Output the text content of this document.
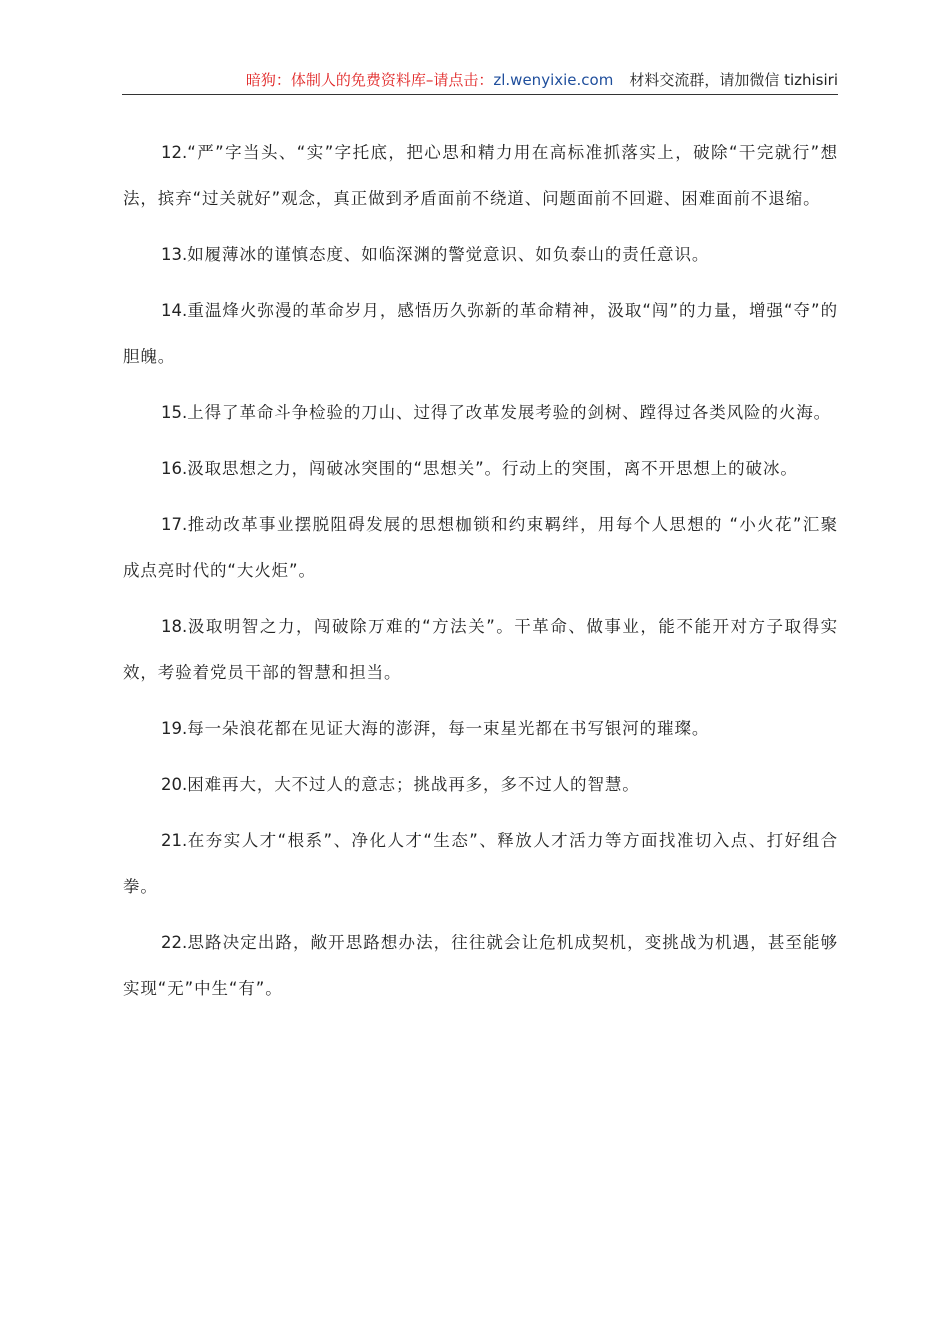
暗狗：体制人的免费资料库–请点击：zl.wenyixie.com 材料交流群，请加微信 tizhisiri

12.“严”字当头、“实”字托底，把心思和精力用在高标准抓落实上，破除“干完就行”想法，摈弃“过关就好”观念，真正做到矛盾面前不绕道、问题面前不回避、困难面前不退缩。

13.如履薄冰的谨慎态度、如临深渊的警觉意识、如负泰山的责任意识。

14.重温烽火弥漫的革命岁月，感悟历久弥新的革命精神，汲取“闯”的力量，增强“夺”的胆魄。

15.上得了革命斗争检验的刀山、过得了改革发展考验的剑树、蹚得过各类风险的火海。

16.汲取思想之力，闯破冰突围的“思想关”。行动上的突围，离不开思想上的破冰。

17.推动改革事业摆脱阻碍发展的思想枷锁和约束羁绊，用每个人思想的 “小火花”汇聚成点亮时代的“大火炬”。

18.汲取明智之力，闯破除万难的“方法关”。干革命、做事业，能不能开对方子取得实效，考验着党员干部的智慧和担当。

19.每一朵浪花都在见证大海的澎湃，每一束星光都在书写银河的璀璨。

20.困难再大，大不过人的意志；挑战再多，多不过人的智慧。

21.在夯实人才“根系”、净化人才“生态”、释放人才活力等方面找准切入点、打好组合拳。

22.思路决定出路，敞开思路想办法，往往就会让危机成契机，变挑战为机遇，甚至能够实现“无”中生“有”。
